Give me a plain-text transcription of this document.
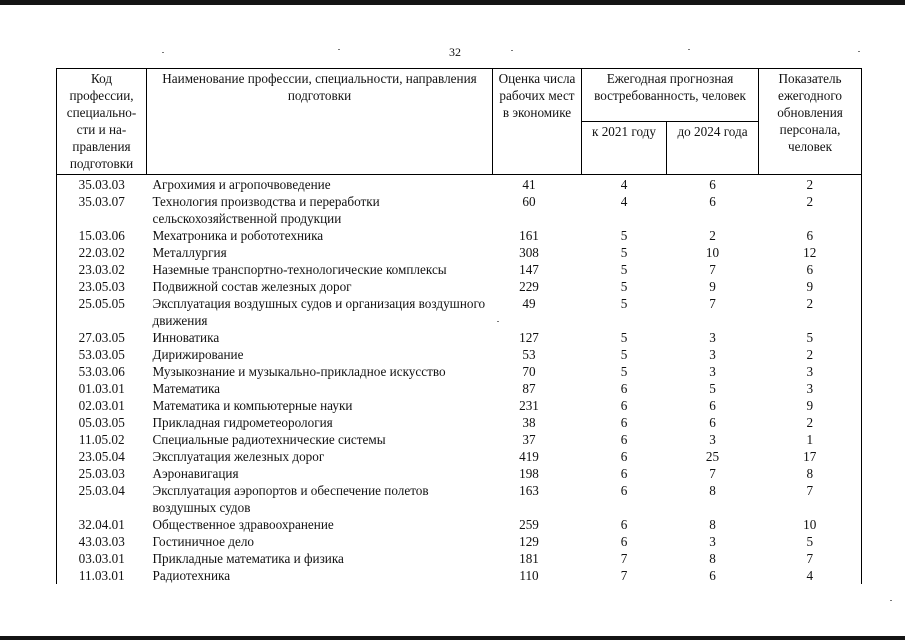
32
Код профессии, специально-сти и на-правления подготовки	Наименование профессии, специальности, направления подготовки	Оценка числа рабочих мест в экономике	Ежегодная прогнозная востребованность, человек		Показатель ежегодного обновления персонала, человек
			к 2021 году	до 2024 года	
35.03.03	Агрохимия и агропочвоведение	41	4	6	2
35.03.07	Технология производства и переработки сельскохозяйственной продукции	60	4	6	2
15.03.06	Мехатроника и робототехника	161	5	2	6
22.03.02	Металлургия	308	5	10	12
23.03.02	Наземные транспортно-технологические комплексы	147	5	7	6
23.05.03	Подвижной состав железных дорог	229	5	9	9
25.05.05	Эксплуатация воздушных судов и организация воздушного движения	49	5	7	2
27.03.05	Инноватика	127	5	3	5
53.03.05	Дирижирование	53	5	3	2
53.03.06	Музыкознание и музыкально-прикладное искусство	70	5	3	3
01.03.01	Математика	87	6	5	3
02.03.01	Математика и компьютерные науки	231	6	6	9
05.03.05	Прикладная гидрометеорология	38	6	6	2
11.05.02	Специальные радиотехнические системы	37	6	3	1
23.05.04	Эксплуатация железных дорог	419	6	25	17
25.03.03	Аэронавигация	198	6	7	8
25.03.04	Эксплуатация аэропортов и обеспечение полетов воздушных судов	163	6	8	7
32.04.01	Общественное здравоохранение	259	6	8	10
43.03.03	Гостиничное дело	129	6	3	5
03.03.01	Прикладные математика и физика	181	7	8	7
11.03.01	Радиотехника	110	7	6	4
